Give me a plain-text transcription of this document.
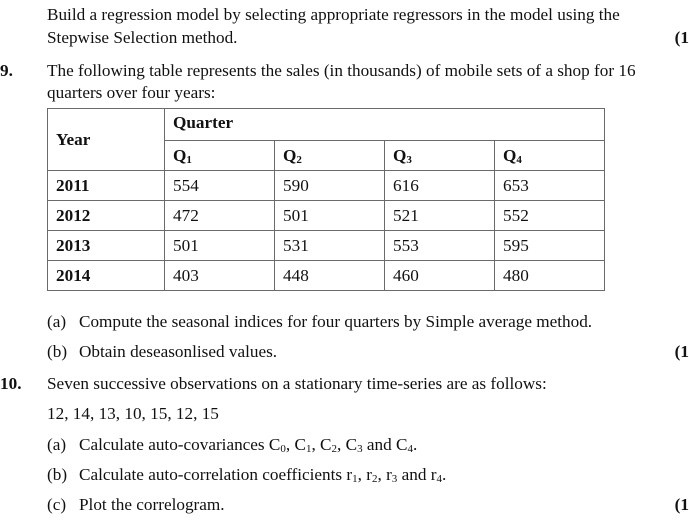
Build a regression model by selecting appropriate regressors in the model using the
Stepwise Selection method.	(1
9. The following table represents the sales (in thousands) of mobile sets of a shop for 16
quarters over four years:
Year	Quarter			
	Q1	Q2	Q3	Q4
2011	554	590	616	653
2012	472	501	521	552
2013	501	531	553	595
2014	403	448	460	480
(a) Compute the seasonal indices for four quarters by Simple average method.
(b) Obtain deseasonlised values.	(1
10. Seven successive observations on a stationary time-series are as follows:
12, 14, 13, 10, 15, 12, 15
(a) Calculate auto-covariances C0, C1, C2, C3 and C4.
(b) Calculate auto-correlation coefficients r1, r2, r3 and r4.
(c) Plot the correlogram.	(1
